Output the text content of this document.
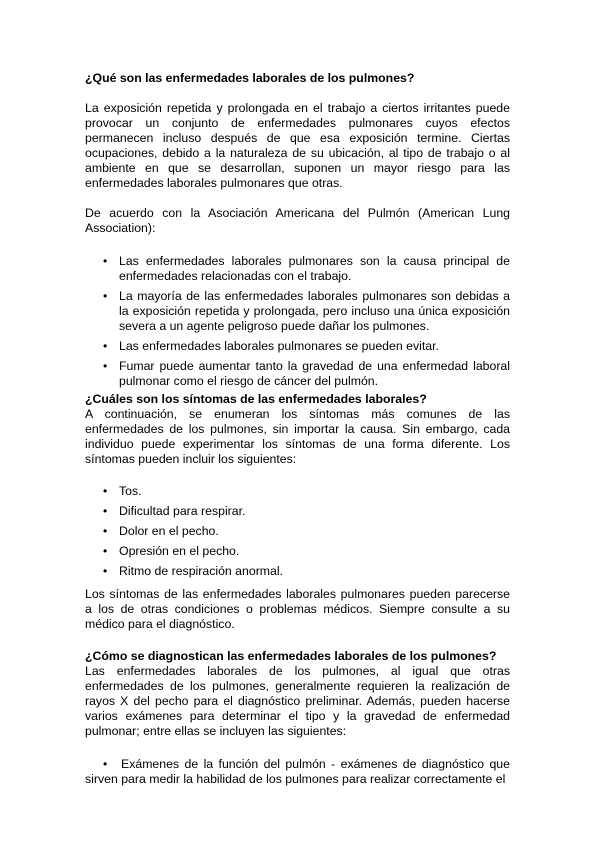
¿Qué son las enfermedades laborales de los pulmones?

La exposición repetida y prolongada en el trabajo a ciertos irritantes puede provocar un conjunto de enfermedades pulmonares cuyos efectos permanecen incluso después de que esa exposición termine. Ciertas ocupaciones, debido a la naturaleza de su ubicación, al tipo de trabajo o al ambiente en que se desarrollan, suponen un mayor riesgo para las enfermedades laborales pulmonares que otras.

De acuerdo con la Asociación Americana del Pulmón (American Lung Association):

• Las enfermedades laborales pulmonares son la causa principal de enfermedades relacionadas con el trabajo.
• La mayoría de las enfermedades laborales pulmonares son debidas a la exposición repetida y prolongada, pero incluso una única exposición severa a un agente peligroso puede dañar los pulmones.
• Las enfermedades laborales pulmonares se pueden evitar.
• Fumar puede aumentar tanto la gravedad de una enfermedad laboral pulmonar como el riesgo de cáncer del pulmón.
¿Cuáles son los síntomas de las enfermedades laborales?

A continuación, se enumeran los síntomas más comunes de las enfermedades de los pulmones, sin importar la causa. Sin embargo, cada individuo puede experimentar los síntomas de una forma diferente. Los síntomas pueden incluir los siguientes:

• Tos.
• Dificultad para respirar.
• Dolor en el pecho.
• Opresión en el pecho.
• Ritmo de respiración anormal.

Los síntomas de las enfermedades laborales pulmonares pueden parecerse a los de otras condiciones o problemas médicos. Siempre consulte a su médico para el diagnóstico.

¿Cómo se diagnostican las enfermedades laborales de los pulmones?

Las enfermedades laborales de los pulmones, al igual que otras enfermedades de los pulmones, generalmente requieren la realización de rayos X del pecho para el diagnóstico preliminar. Además, pueden hacerse varios exámenes para determinar el tipo y la gravedad de enfermedad pulmonar; entre ellas se incluyen las siguientes:

• Exámenes de la función del pulmón - exámenes de diagnóstico que sirven para medir la habilidad de los pulmones para realizar correctamente el
